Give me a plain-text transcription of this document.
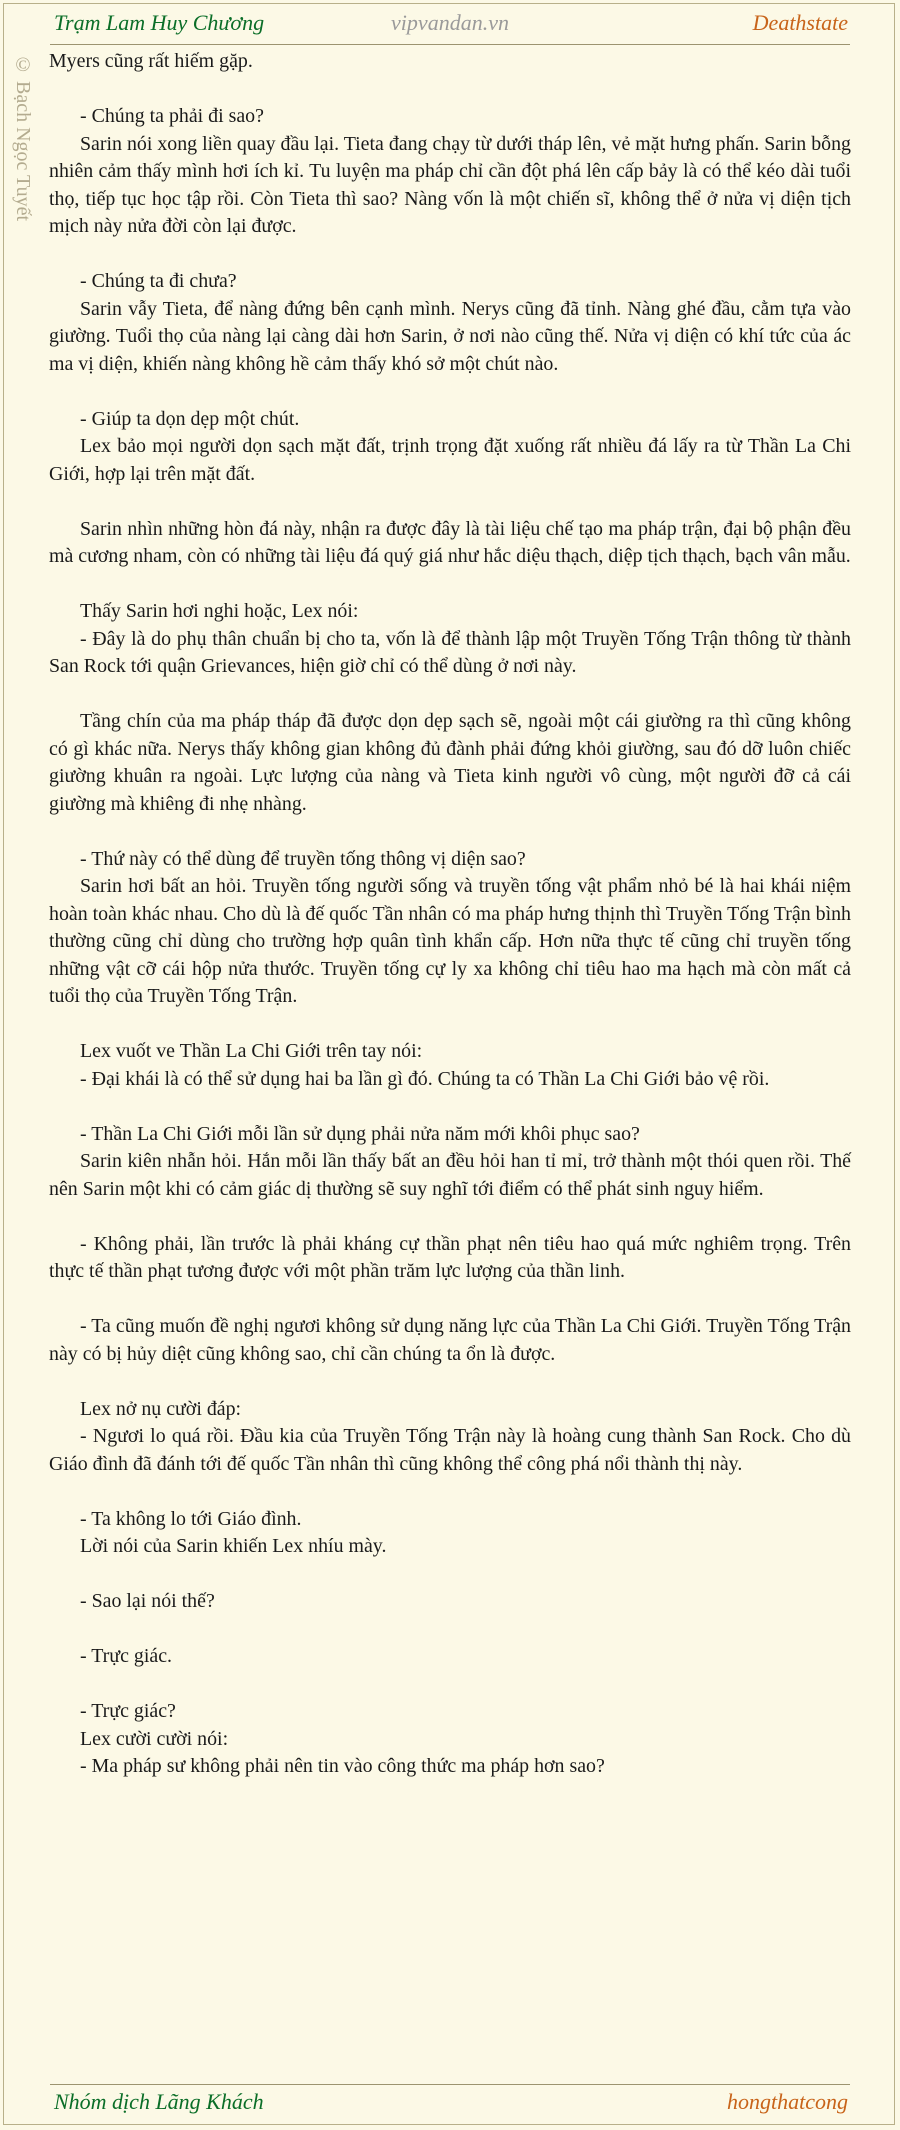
Trạm Lam Huy Chương	vipvandan.vn	Deathstate
© Bạch Ngọc Tuyết Myers cũng rất hiếm gặp.

- Chúng ta phải đi sao?

Sarin nói xong liền quay đầu lại. Tieta đang chạy từ dưới tháp lên, vẻ mặt hưng phấn. Sarin bỗng nhiên cảm thấy mình hơi ích kỉ. Tu luyện ma pháp chỉ cần đột phá lên cấp bảy là có thể kéo dài tuổi thọ, tiếp tục học tập rồi. Còn Tieta thì sao? Nàng vốn là một chiến sĩ, không thể ở nửa vị diện tịch mịch này nửa đời còn lại được.

- Chúng ta đi chưa?

Sarin vẫy Tieta, để nàng đứng bên cạnh mình. Nerys cũng đã tỉnh. Nàng ghé đầu, cằm tựa vào giường. Tuổi thọ của nàng lại càng dài hơn Sarin, ở nơi nào cũng thế. Nửa vị diện có khí tức của ác ma vị diện, khiến nàng không hề cảm thấy khó sở một chút nào.

- Giúp ta dọn dẹp một chút.

Lex bảo mọi người dọn sạch mặt đất, trịnh trọng đặt xuống rất nhiều đá lấy ra từ Thần La Chi Giới, hợp lại trên mặt đất.

Sarin nhìn những hòn đá này, nhận ra được đây là tài liệu chế tạo ma pháp trận, đại bộ phận đều mà cương nham, còn có những tài liệu đá quý giá như hắc diệu thạch, diệp tịch thạch, bạch vân mẫu.

Thấy Sarin hơi nghi hoặc, Lex nói:

- Đây là do phụ thân chuẩn bị cho ta, vốn là để thành lập một Truyền Tống Trận thông từ thành San Rock tới quận Grievances, hiện giờ chỉ có thể dùng ở nơi này.

Tầng chín của ma pháp tháp đã được dọn dẹp sạch sẽ, ngoài một cái giường ra thì cũng không có gì khác nữa. Nerys thấy không gian không đủ đành phải đứng khỏi giường, sau đó dỡ luôn chiếc giường khuân ra ngoài. Lực lượng của nàng và Tieta kinh người vô cùng, một người đỡ cả cái giường mà khiêng đi nhẹ nhàng.

- Thứ này có thể dùng để truyền tống thông vị diện sao?

Sarin hơi bất an hỏi. Truyền tống người sống và truyền tống vật phẩm nhỏ bé là hai khái niệm hoàn toàn khác nhau. Cho dù là đế quốc Tần nhân có ma pháp hưng thịnh thì Truyền Tống Trận bình thường cũng chỉ dùng cho trường hợp quân tình khẩn cấp. Hơn nữa thực tế cũng chỉ truyền tống những vật cỡ cái hộp nửa thước. Truyền tống cự ly xa không chỉ tiêu hao ma hạch mà còn mất cả tuổi thọ của Truyền Tống Trận.

Lex vuốt ve Thần La Chi Giới trên tay nói:

- Đại khái là có thể sử dụng hai ba lần gì đó. Chúng ta có Thần La Chi Giới bảo vệ rồi.

- Thần La Chi Giới mỗi lần sử dụng phải nửa năm mới khôi phục sao?

Sarin kiên nhẫn hỏi. Hắn mỗi lần thấy bất an đều hỏi han tỉ mỉ, trở thành một thói quen rồi. Thế nên Sarin một khi có cảm giác dị thường sẽ suy nghĩ tới điểm có thể phát sinh nguy hiểm.

- Không phải, lần trước là phải kháng cự thần phạt nên tiêu hao quá mức nghiêm trọng. Trên thực tế thần phạt tương được với một phần trăm lực lượng của thần linh.

- Ta cũng muốn đề nghị ngươi không sử dụng năng lực của Thần La Chi Giới. Truyền Tống Trận này có bị hủy diệt cũng không sao, chỉ cần chúng ta ổn là được.

Lex nở nụ cười đáp:

- Ngươi lo quá rồi. Đầu kia của Truyền Tống Trận này là hoàng cung thành San Rock. Cho dù Giáo đình đã đánh tới đế quốc Tần nhân thì cũng không thể công phá nổi thành thị này.

- Ta không lo tới Giáo đình.

Lời nói của Sarin khiến Lex nhíu mày.

- Sao lại nói thế?

- Trực giác.

- Trực giác?

Lex cười cười nói:

- Ma pháp sư không phải nên tin vào công thức ma pháp hơn sao?

Nhóm dịch Lãng Khách	hongthatcong
